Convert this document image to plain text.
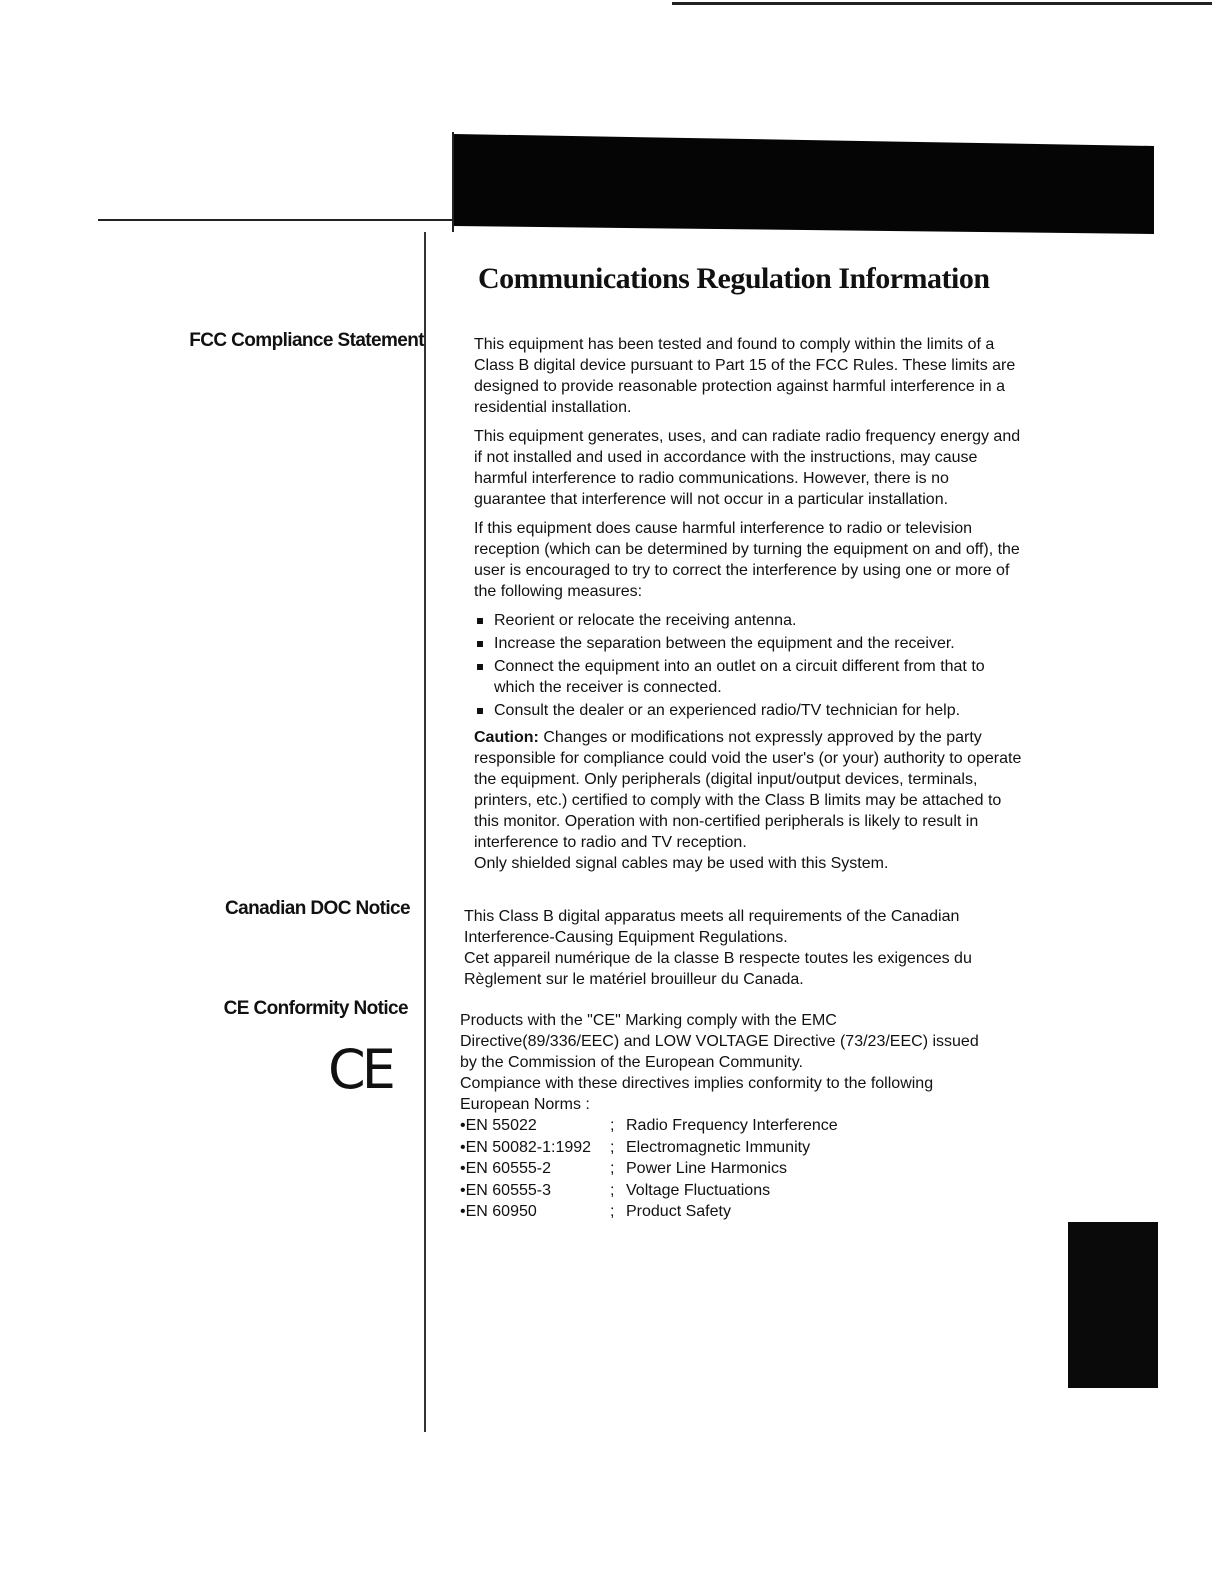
Communications Regulation Information
FCC Compliance Statement
Canadian DOC Notice
CE Conformity Notice
CE

This equipment has been tested and found to comply within the limits of a Class B digital device pursuant to Part 15 of the FCC Rules. These limits are designed to provide reasonable protection against harmful interference in a residential installation.

This equipment generates, uses, and can radiate radio frequency energy and if not installed and used in accordance with the instructions, may cause harmful interference to radio communications. However, there is no guarantee that interference will not occur in a particular installation.

If this equipment does cause harmful interference to radio or television reception (which can be determined by turning the equipment on and off), the user is encouraged to try to correct the interference by using one or more of the following measures:

Reorient or relocate the receiving antenna.
Increase the separation between the equipment and the receiver.
Connect the equipment into an outlet on a circuit different from that to which the receiver is connected.
Consult the dealer or an experienced radio/TV technician for help.

Caution: Changes or modifications not expressly approved by the party responsible for compliance could void the user's (or your) authority to operate the equipment. Only peripherals (digital input/output devices, terminals, printers, etc.) certified to comply with the Class B limits may be attached to this monitor. Operation with non-certified peripherals is likely to result in interference to radio and TV reception.

Only shielded signal cables may be used with this System.

This Class B digital apparatus meets all requirements of the Canadian Interference-Causing Equipment Regulations.

Cet appareil numérique de la classe B respecte toutes les exigences du Règlement sur le matériel brouilleur du Canada.

Products with the "CE" Marking comply with the EMC Directive(89/336/EEC) and LOW VOLTAGE Directive (73/23/EEC) issued by the Commission of the European Community.

Compiance with these directives implies conformity to the following European Norms :

• EN 55022	; Radio Frequency Interference
• EN 50082-1:1992	; Electromagnetic Immunity
• EN 60555-2	; Power Line Harmonics
• EN 60555-3	; Voltage Fluctuations
• EN 60950	; Product Safety
